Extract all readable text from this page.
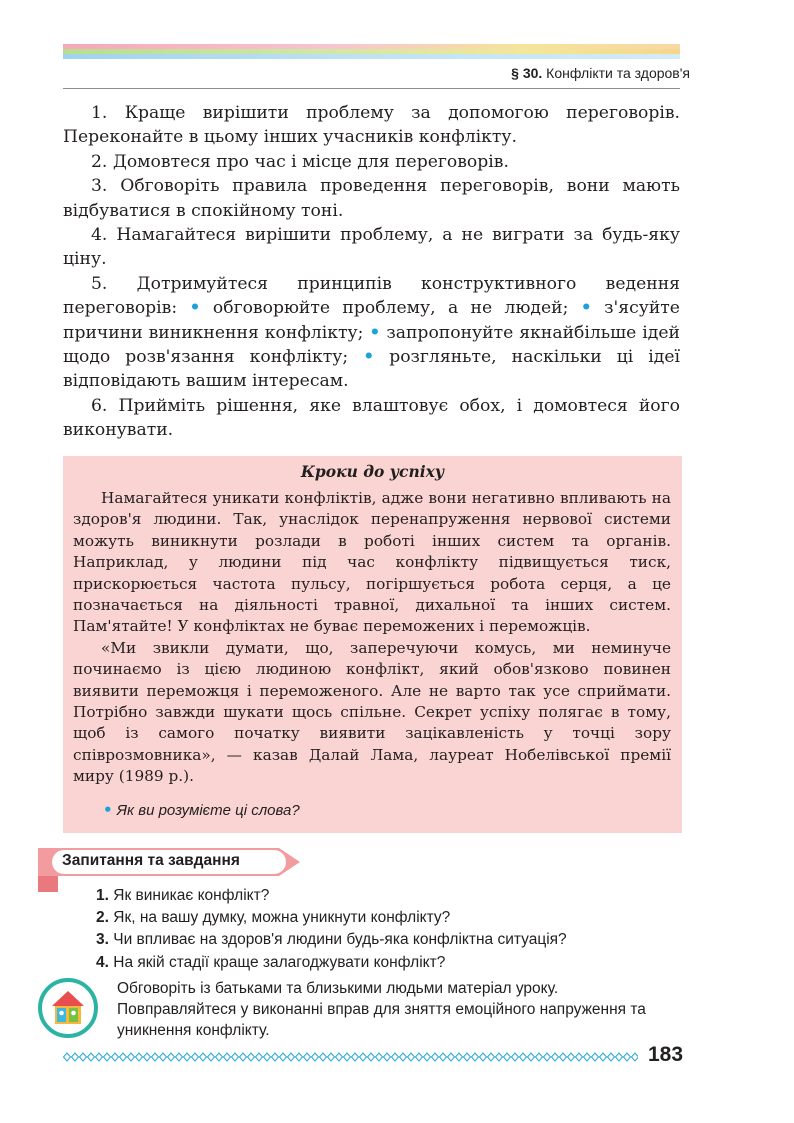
§ 30. Конфлікти та здоров'я

1. Краще вирішити проблему за допомогою переговорів. Переконайте в цьому інших учасників конфлікту.

2. Домовтеся про час і місце для переговорів.

3. Обговоріть правила проведення переговорів, вони мають відбуватися в спокійному тоні.

4. Намагайтеся вирішити проблему, а не виграти за будь-яку ціну.

5. Дотримуйтеся принципів конструктивного ведення переговорів: • обговорюйте проблему, а не людей; • з'ясуйте причини виникнення конфлікту; • запропонуйте якнайбільше ідей щодо розв'язання конфлікту; • розгляньте, наскільки ці ідеї відповідають вашим інтересам.

6. Прийміть рішення, яке влаштовує обох, і домовтеся його виконувати.

Кроки до успіху

Намагайтеся уникати конфліктів, адже вони негативно впливають на здоров'я людини. Так, унаслідок перенапруження нервової системи можуть виникнути розлади в роботі інших систем та органів. Наприклад, у людини під час конфлікту підвищується тиск, прискорюється частота пульсу, погіршується робота серця, а це позначається на діяльності травної, дихальної та інших систем. Пам'ятайте! У конфліктах не буває переможених і переможців.

«Ми звикли думати, що, заперечуючи комусь, ми неминуче починаємо із цією людиною конфлікт, який обов'язково повинен виявити переможця і переможеного. Але не варто так усе сприймати. Потрібно завжди шукати щось спільне. Секрет успіху полягає в тому, щоб із самого початку виявити зацікавленість у точці зору співрозмовника», — казав Далай Лама, лауреат Нобелівської премії миру (1989 р.).

• Як ви розумієте ці слова?
Запитання та завдання
1. Як виникає конфлікт?
2. Як, на вашу думку, можна уникнути конфлікту?
3. Чи впливає на здоров'я людини будь-яка конфліктна ситуація?
4. На якій стадії краще залагоджувати конфлікт?
Обговоріть із батьками та близькими людьми матеріал уроку. Повправляйтеся у виконанні вправ для зняття емоційного напруження та уникнення конфлікту.
183
